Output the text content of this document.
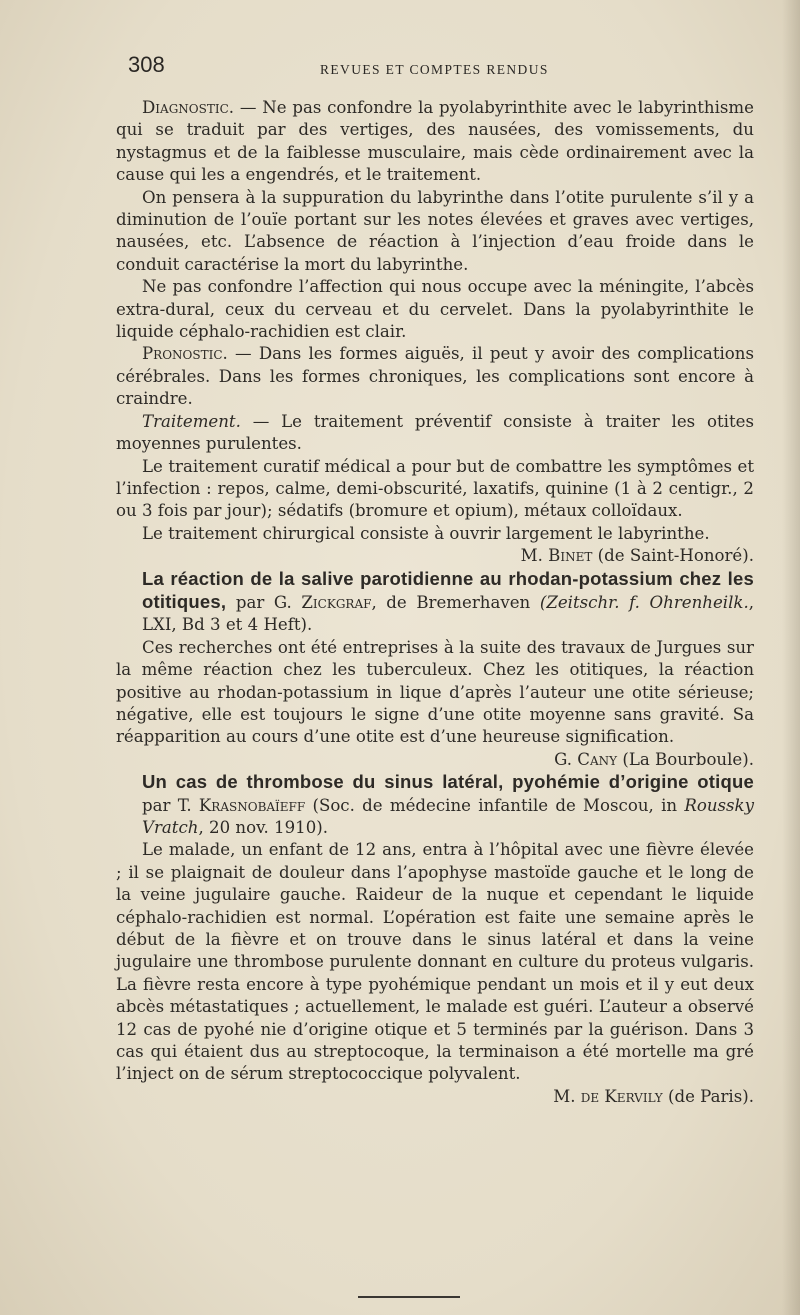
308	REVUES ET COMPTES RENDUS

Diagnostic. — Ne pas confondre la pyolabyrinthite avec le labyrinthisme qui se traduit par des vertiges, des nausées, des vomissements, du nystagmus et de la faiblesse musculaire, mais cède ordinairement avec la cause qui les a engendrés, et le traitement.

On pensera à la suppuration du labyrinthe dans l’otite purulente s’il y a diminution de l’ouïe portant sur les notes élevées et graves avec vertiges, nausées, etc. L’absence de réaction à l’injection d’eau froide dans le conduit caractérise la mort du labyrinthe.

Ne pas confondre l’affection qui nous occupe avec la méningite, l’abcès extra-dural, ceux du cerveau et du cervelet. Dans la pyolabyrinthite le liquide céphalo-rachidien est clair.

Pronostic. — Dans les formes aiguës, il peut y avoir des complications cérébrales. Dans les formes chroniques, les complications sont encore à craindre.

Traitement. — Le traitement préventif consiste à traiter les otites moyennes purulentes.

Le traitement curatif médical a pour but de combattre les symptômes et l’infection : repos, calme, demi-obscurité, laxatifs, quinine (1 à 2 centigr., 2 ou 3 fois par jour); sédatifs (bromure et opium), métaux colloïdaux.

Le traitement chirurgical consiste à ouvrir largement le labyrinthe.

M. Binet (de Saint-Honoré).

La réaction de la salive parotidienne au rhodan-potassium chez les otitiques, par G. Zickgraf, de Bremerhaven (Zeitschr. f. Ohrenheilk., LXI, Bd 3 et 4 Heft).

Ces recherches ont été entreprises à la suite des travaux de Jurgues sur la même réaction chez les tuberculeux. Chez les otitiques, la réaction positive au rhodan-potassium in lique d’après l’auteur une otite sérieuse; négative, elle est toujours le signe d’une otite moyenne sans gravité. Sa réapparition au cours d’une otite est d’une heureuse signification.

G. Cany (La Bourboule).

Un cas de thrombose du sinus latéral, pyohémie d’origine otique par T. Krasnobaïeff (Soc. de médecine infantile de Moscou, in Roussky Vratch, 20 nov. 1910).

Le malade, un enfant de 12 ans, entra à l’hôpital avec une fièvre élevée ; il se plaignait de douleur dans l’apophyse mastoïde gauche et le long de la veine jugulaire gauche. Raideur de la nuque et cependant le liquide céphalo-rachidien est normal. L’opération est faite une semaine après le début de la fièvre et on trouve dans le sinus latéral et dans la veine jugulaire une thrombose purulente donnant en culture du proteus vulgaris. La fièvre resta encore à type pyohémique pendant un mois et il y eut deux abcès métastatiques ; actuellement, le malade est guéri. L’auteur a observé 12 cas de pyohé nie d’origine otique et 5 terminés par la guérison. Dans 3 cas qui étaient dus au streptocoque, la terminaison a été mortelle ma gré l’inject on de sérum streptococcique polyvalent.

M. de Kervily (de Paris).
